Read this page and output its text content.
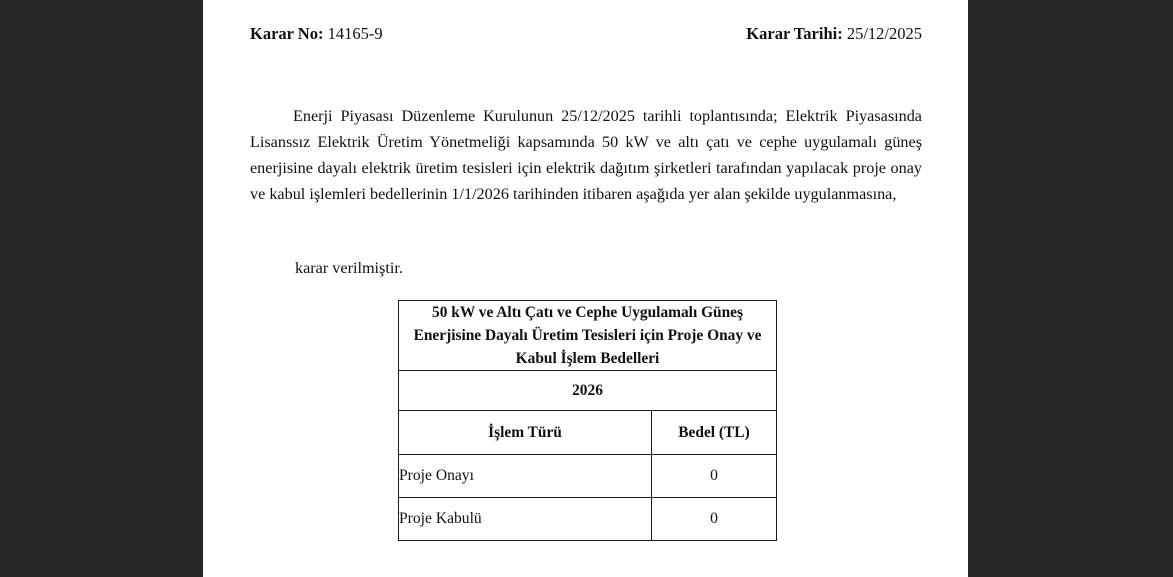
Karar No: 14165-9	Karar Tarihi: 25/12/2025

Enerji Piyasası Düzenleme Kurulunun 25/12/2025 tarihli toplantısında; Elektrik Piyasasında Lisanssız Elektrik Üretim Yönetmeliği kapsamında 50 kW ve altı çatı ve cephe uygulamalı güneş enerjisine dayalı elektrik üretim tesisleri için elektrik dağıtım şirketleri tarafından yapılacak proje onay ve kabul işlemleri bedellerinin 1/1/2026 tarihinden itibaren aşağıda yer alan şekilde uygulanmasına,

karar verilmiştir.

50 kW ve Altı Çatı ve Cephe Uygulamalı Güneş Enerjisine Dayalı Üretim Tesisleri için Proje Onay ve Kabul İşlem Bedelleri	
2026	
İşlem Türü	Bedel (TL)
Proje Onayı	0
Proje Kabulü	0
